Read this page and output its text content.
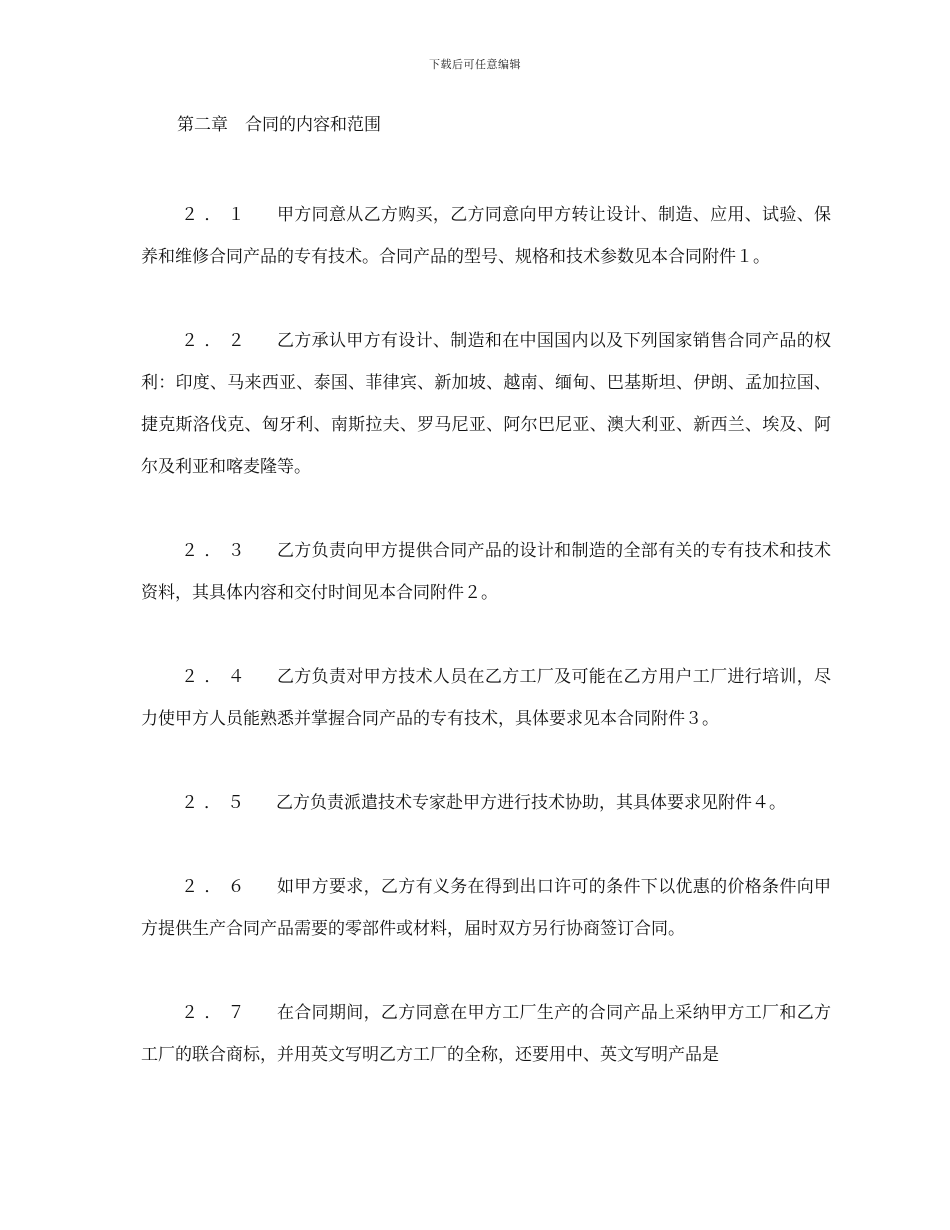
下载后可任意编辑

第二章　合同的内容和范围

２．１ 甲方同意从乙方购买，乙方同意向甲方转让设计、制造、应用、试验、保养和维修合同产品的专有技术。合同产品的型号、规格和技术参数见本合同附件１。

２．２ 乙方承认甲方有设计、制造和在中国国内以及下列国家销售合同产品的权利：印度、马来西亚、泰国、菲律宾、新加坡、越南、缅甸、巴基斯坦、伊朗、孟加拉国、捷克斯洛伐克、匈牙利、南斯拉夫、罗马尼亚、阿尔巴尼亚、澳大利亚、新西兰、埃及、阿尔及利亚和喀麦隆等。

２．３ 乙方负责向甲方提供合同产品的设计和制造的全部有关的专有技术和技术资料，其具体内容和交付时间见本合同附件２。

２．４ 乙方负责对甲方技术人员在乙方工厂及可能在乙方用户工厂进行培训，尽力使甲方人员能熟悉并掌握合同产品的专有技术，具体要求见本合同附件３。

２．５ 乙方负责派遣技术专家赴甲方进行技术协助，其具体要求见附件４。

２．６ 如甲方要求，乙方有义务在得到出口许可的条件下以优惠的价格条件向甲方提供生产合同产品需要的零部件或材料，届时双方另行协商签订合同。

２．７ 在合同期间，乙方同意在甲方工厂生产的合同产品上采纳甲方工厂和乙方工厂的联合商标，并用英文写明乙方工厂的全称，还要用中、英文写明产品是
